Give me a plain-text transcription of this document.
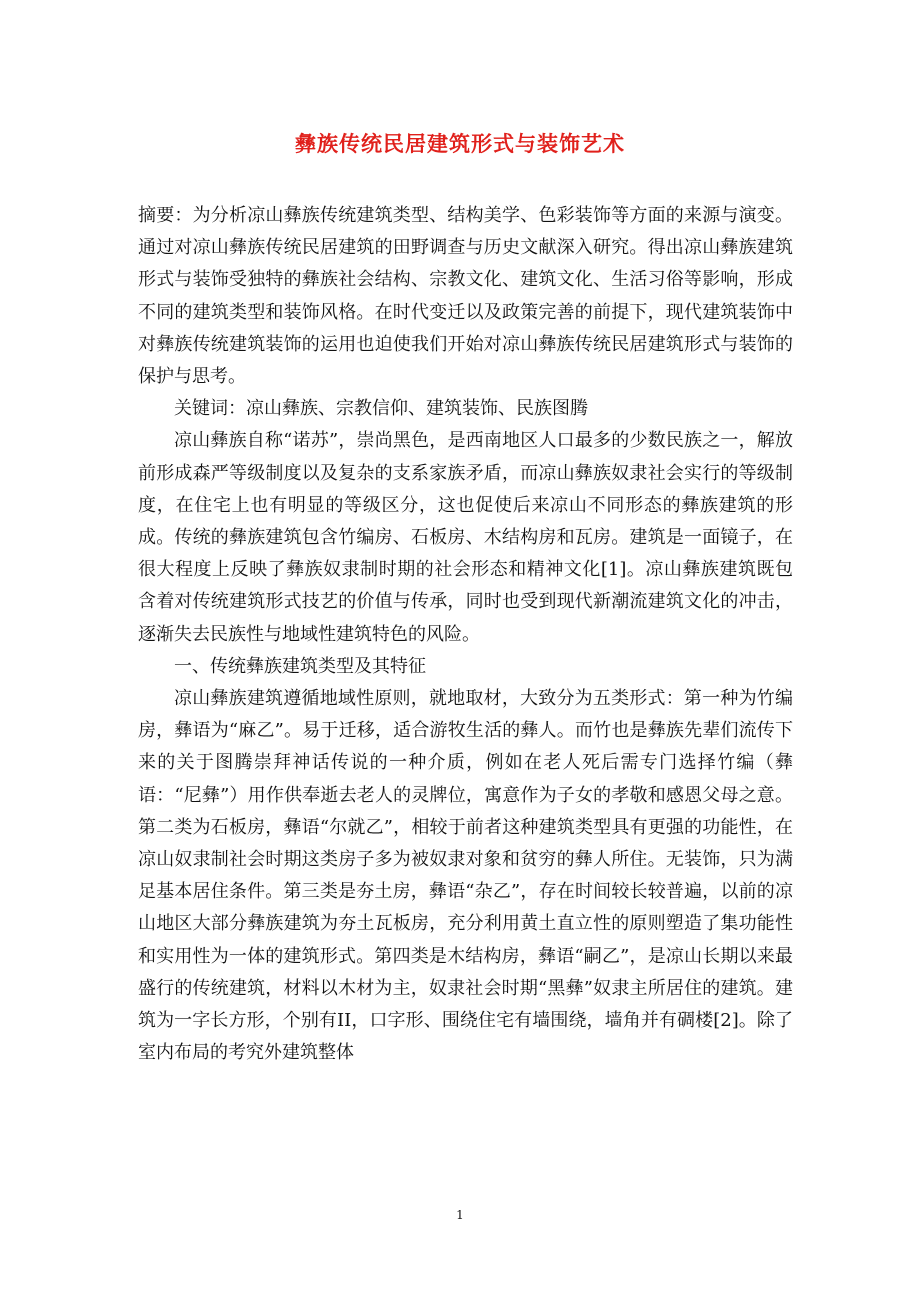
彝族传统民居建筑形式与装饰艺术

摘要：为分析凉山彝族传统建筑类型、结构美学、色彩装饰等方面的来源与演变。通过对凉山彝族传统民居建筑的田野调查与历史文献深入研究。得出凉山彝族建筑形式与装饰受独特的彝族社会结构、宗教文化、建筑文化、生活习俗等影响，形成不同的建筑类型和装饰风格。在时代变迁以及政策完善的前提下，现代建筑装饰中对彝族传统建筑装饰的运用也迫使我们开始对凉山彝族传统民居建筑形式与装饰的保护与思考。

关键词：凉山彝族、宗教信仰、建筑装饰、民族图腾

凉山彝族自称“诺苏”，崇尚黑色，是西南地区人口最多的少数民族之一，解放前形成森严等级制度以及复杂的支系家族矛盾，而凉山彝族奴隶社会实行的等级制度，在住宅上也有明显的等级区分，这也促使后来凉山不同形态的彝族建筑的形成。传统的彝族建筑包含竹编房、石板房、木结构房和瓦房。建筑是一面镜子，在很大程度上反映了彝族奴隶制时期的社会形态和精神文化[1]。凉山彝族建筑既包含着对传统建筑形式技艺的价值与传承，同时也受到现代新潮流建筑文化的冲击，逐渐失去民族性与地域性建筑特色的风险。

一、传统彝族建筑类型及其特征

凉山彝族建筑遵循地域性原则，就地取材，大致分为五类形式：第一种为竹编房，彝语为“麻乙”。易于迁移，适合游牧生活的彝人。而竹也是彝族先辈们流传下来的关于图腾崇拜神话传说的一种介质，例如在老人死后需专门选择竹编（彝语：“尼彝”）用作供奉逝去老人的灵牌位，寓意作为子女的孝敬和感恩父母之意。第二类为石板房，彝语“尔就乙”，相较于前者这种建筑类型具有更强的功能性，在凉山奴隶制社会时期这类房子多为被奴隶对象和贫穷的彝人所住。无装饰，只为满足基本居住条件。第三类是夯土房，彝语“杂乙”，存在时间较长较普遍，以前的凉山地区大部分彝族建筑为夯土瓦板房，充分利用黄土直立性的原则塑造了集功能性和实用性为一体的建筑形式。第四类是木结构房，彝语“嗣乙”，是凉山长期以来最盛行的传统建筑，材料以木材为主，奴隶社会时期“黑彝”奴隶主所居住的建筑。建筑为一字长方形，个别有II，口字形、围绕住宅有墙围绕，墙角并有碉楼[2]。除了室内布局的考究外建筑整体

1
